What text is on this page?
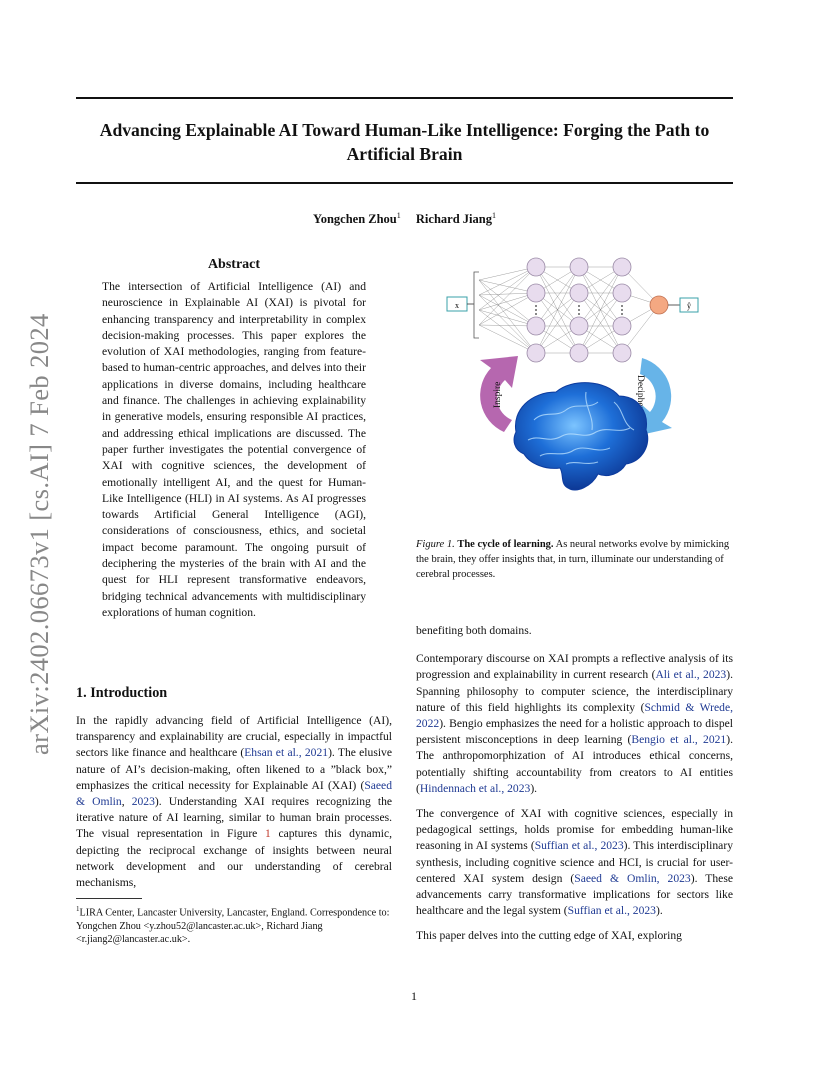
Advancing Explainable AI Toward Human-Like Intelligence: Forging the Path to Artificial Brain

Yongchen Zhou$^1$ Richard Jiang$^1$

arXiv:2402.06673v1 [cs.AI] 7 Feb 2024
Abstract

The intersection of Artificial Intelligence (AI) and neuroscience in Explainable AI (XAI) is pivotal for enhancing transparency and interpretability in complex decision-making processes. This paper explores the evolution of XAI methodologies, ranging from feature-based to human-centric approaches, and delves into their applications in diverse domains, including healthcare and finance. The challenges in achieving explainability in generative models, ensuring responsible AI practices, and addressing ethical implications are discussed. The paper further investigates the potential convergence of XAI with cognitive sciences, the development of emotionally intelligent AI, and the quest for Human-Like Intelligence (HLI) in AI systems. As AI progresses towards Artificial General Intelligence (AGI), considerations of consciousness, ethics, and societal impact become paramount. The ongoing pursuit of deciphering the mysteries of the brain with AI and the quest for HLI represent transformative endeavors, bridging technical advancements with multidisciplinary explorations of human cognition.

1. Introduction

In the rapidly advancing field of Artificial Intelligence (AI), transparency and explainability are crucial, especially in impactful sectors like finance and healthcare (Ehsan et al., 2021). The elusive nature of AI’s decision-making, often likened to a ”black box,” emphasizes the critical necessity for Explainable AI (XAI) (Saeed & Omlin, 2023). Understanding XAI requires recognizing the iterative nature of AI learning, similar to human brain processes. The visual representation in Figure 1 captures this dynamic, depicting the reciprocal exchange of insights between neural network development and our understanding of cerebral mechanisms,

$^1$LIRA Center, Lancaster University, Lancaster, England. Correspondence to: Yongchen Zhou <y.zhou52@lancaster.ac.uk>, Richard Jiang <r.jiang2@lancaster.ac.uk>.

x	ŷ
Inspire	Decipher

Figure 1. The cycle of learning. As neural networks evolve by mimicking the brain, they offer insights that, in turn, illuminate our understanding of cerebral processes.

benefiting both domains.

Contemporary discourse on XAI prompts a reflective analysis of its progression and explainability in current research (Ali et al., 2023). Spanning philosophy to computer science, the interdisciplinary nature of this field highlights its complexity (Schmid & Wrede, 2022). Bengio emphasizes the need for a holistic approach to dispel persistent misconceptions in deep learning (Bengio et al., 2021). The anthropomorphization of AI introduces ethical concerns, potentially shifting accountability from creators to AI entities (Hindennach et al., 2023).

The convergence of XAI with cognitive sciences, especially in pedagogical settings, holds promise for embedding human-like reasoning in AI systems (Suffian et al., 2023). This interdisciplinary synthesis, including cognitive science and HCI, is crucial for user-centered XAI system design (Saeed & Omlin, 2023). These advancements carry transformative implications for sectors like healthcare and the legal system (Suffian et al., 2023).

This paper delves into the cutting edge of XAI, exploring

1
